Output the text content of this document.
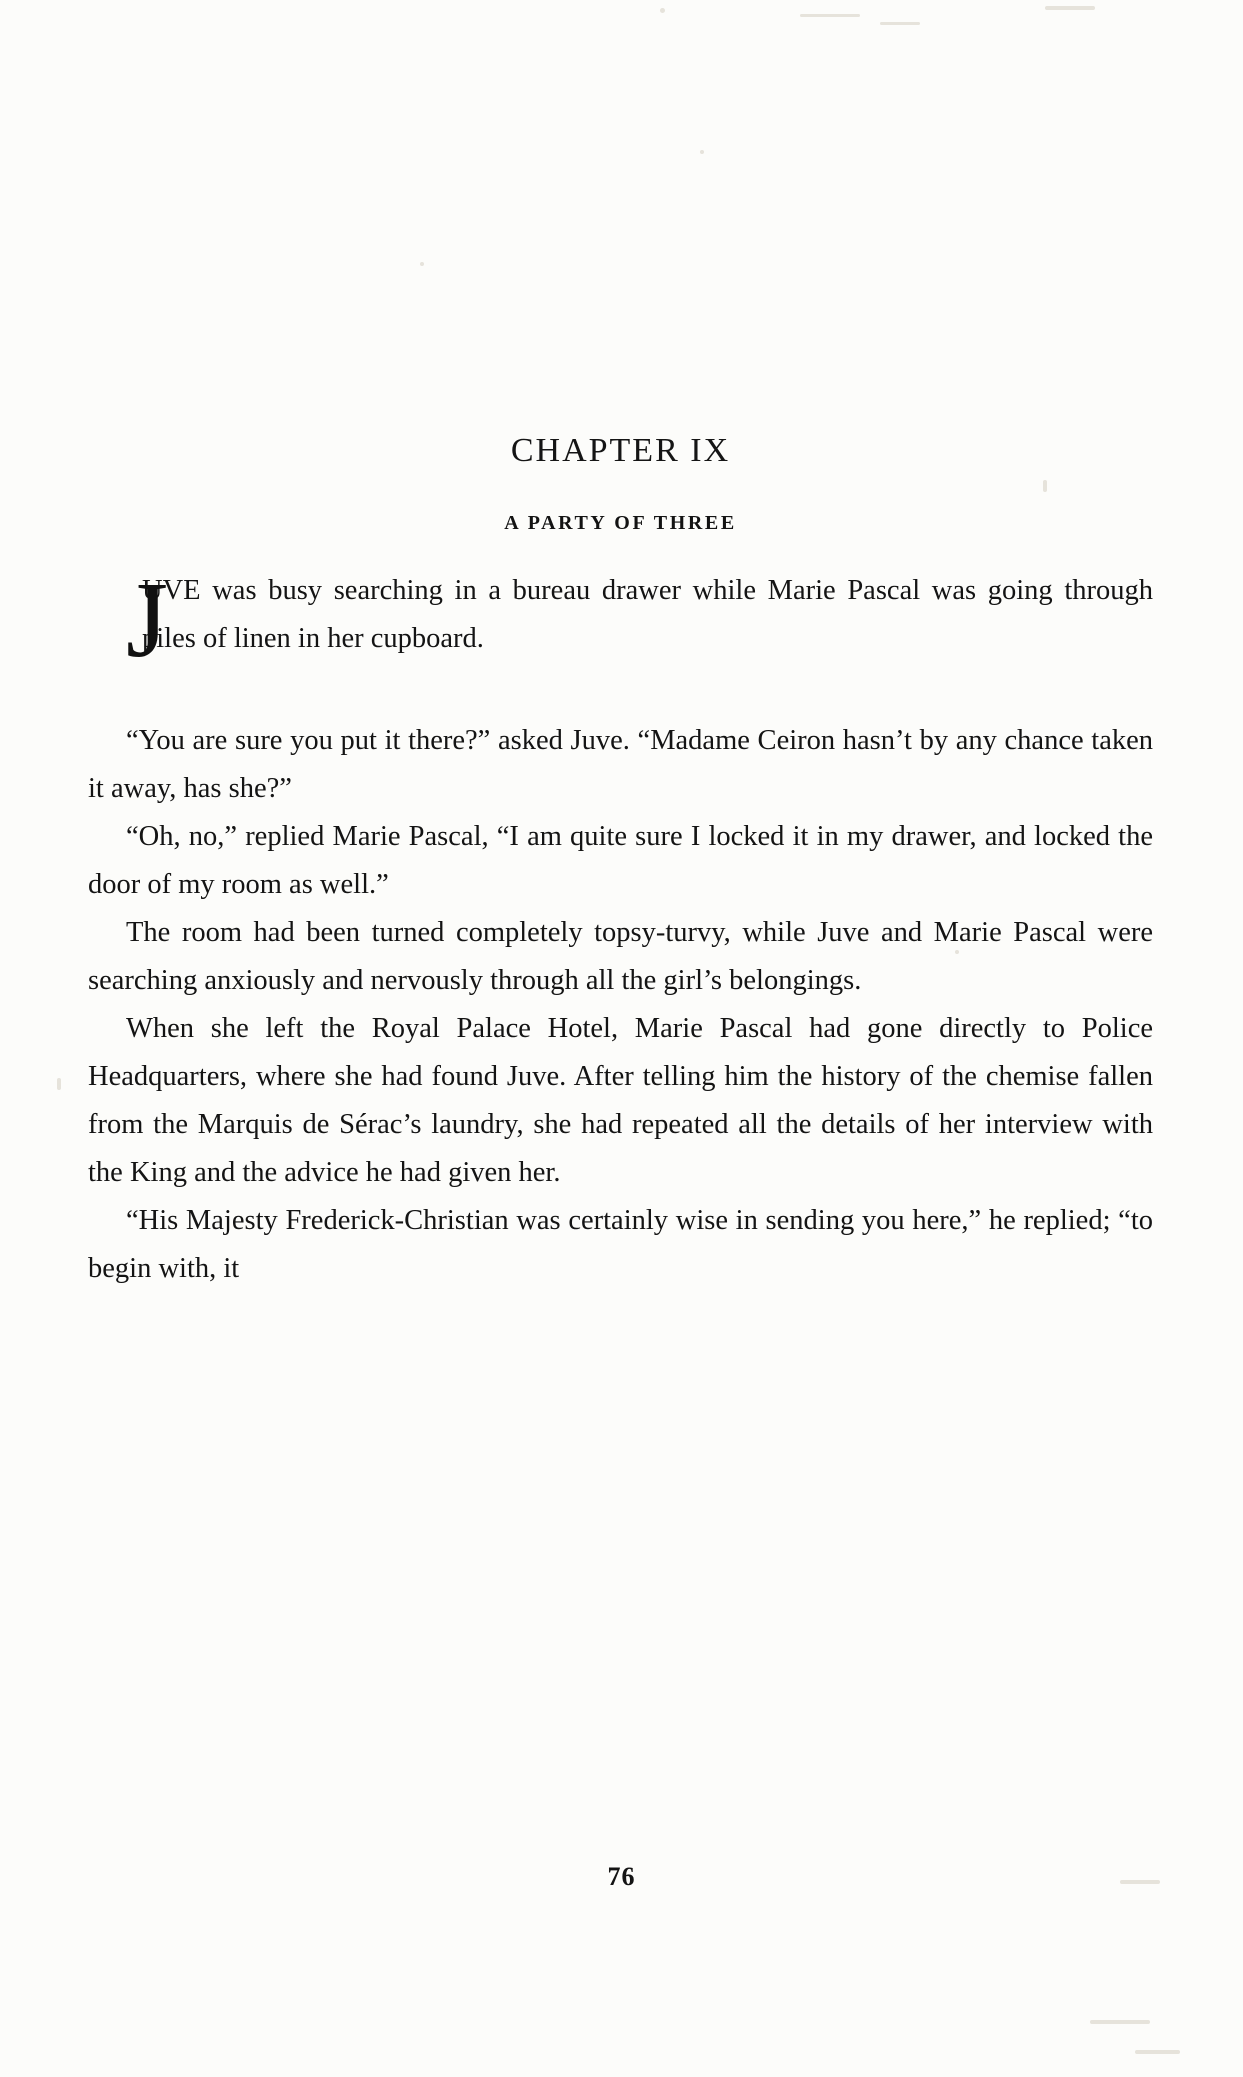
CHAPTER IX
A PARTY OF THREE

J
UVE was busy searching in a bureau drawer while Marie Pascal was going through piles of linen in her cupboard.

“You are sure you put it there?” asked Juve. “Madame Ceiron hasn’t by any chance taken it away, has she?”

“Oh, no,” replied Marie Pascal, “I am quite sure I locked it in my drawer, and locked the door of my room as well.”

The room had been turned completely topsy-turvy, while Juve and Marie Pascal were searching anxiously and nervously through all the girl’s belongings.

When she left the Royal Palace Hotel, Marie Pascal had gone directly to Police Headquarters, where she had found Juve. After telling him the history of the chemise fallen from the Marquis de Sérac’s laundry, she had repeated all the details of her interview with the King and the advice he had given her.

“His Majesty Frederick-Christian was certainly wise in sending you here,” he replied; “to begin with, it

76
